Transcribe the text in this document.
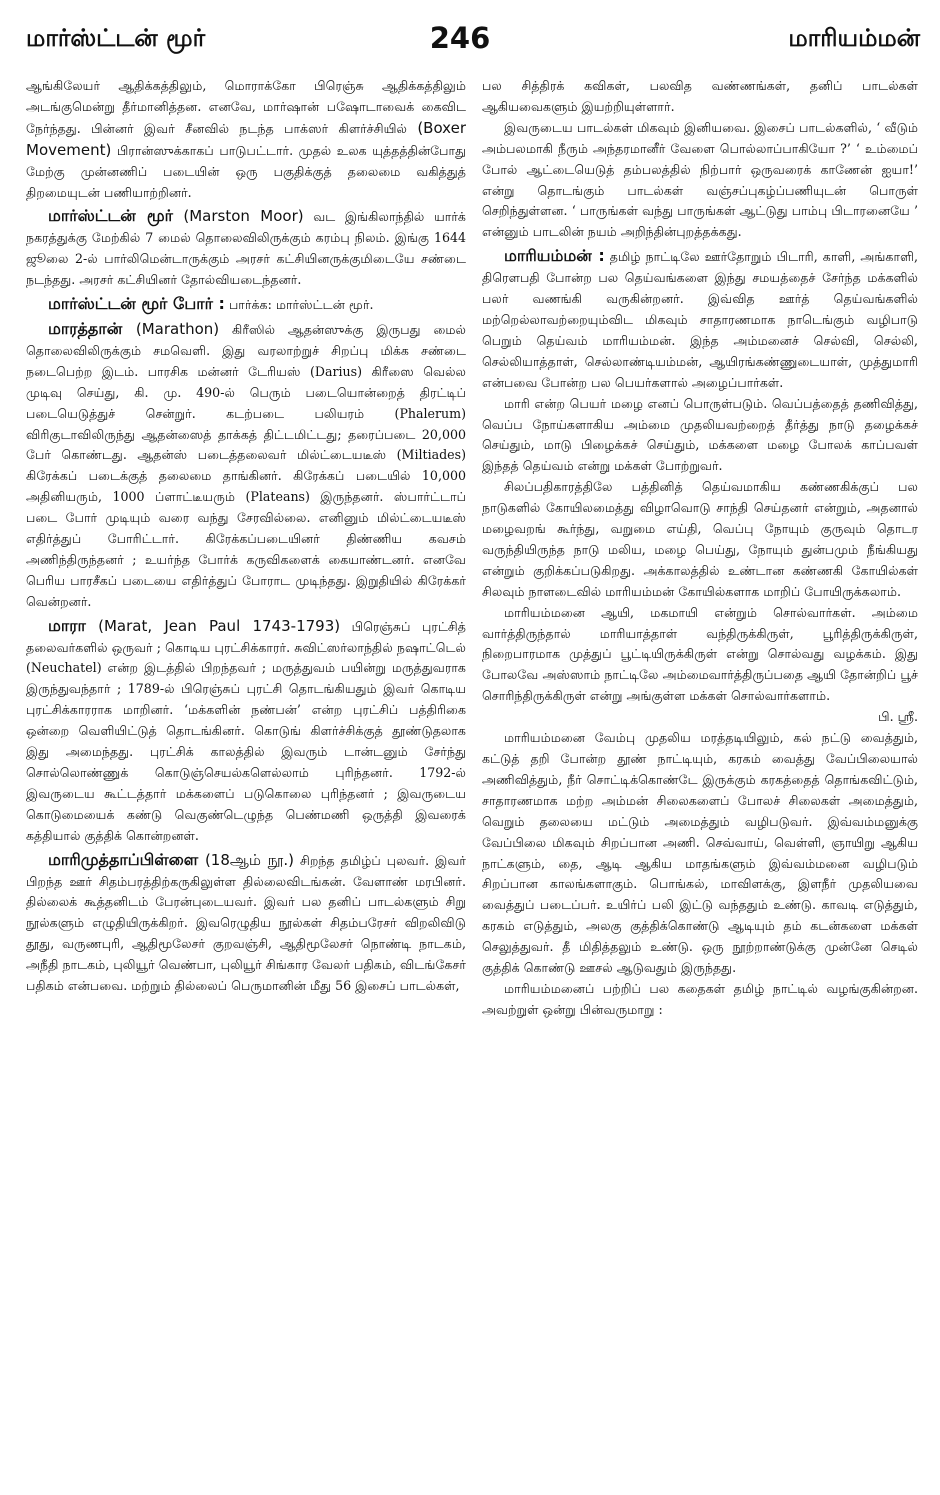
மார்ஸ்ட்டன் மூர்	246	மாரியம்மன்

ஆங்கிலேயர் ஆதிக்கத்திலும், மொராக்கோ பிரெஞ்சு ஆதிக்கத்திலும் அடங்குமென்று தீர்மானித்தன. எனவே, மார்ஷான் பஷோடாவைக் கைவிட நேர்ந்தது. பின்னர் இவர் சீனவில் நடந்த பாக்ஸர் கிளர்ச்சியில் (Boxer Movement) பிரான்ஸுக்காகப் பாடுபட்டார். முதல் உலக யுத்தத்தின்போது மேற்கு முன்னணிப் படையின் ஒரு பகுதிக்குத் தலைமை வகித்துத் திறமையுடன் பணியாற்றினர்.

மார்ஸ்ட்டன் மூர் (Marston Moor) வட இங்கிலாந்தில் யார்க் நகரத்துக்கு மேற்கில் 7 மைல் தொலைவிலிருக்கும் கரம்பு நிலம். இங்கு 1644 ஜூலை 2-ல் பார்லிமென்டாருக்கும் அரசர் கட்சியினருக்குமிடையே சண்டை நடந்தது. அரசர் கட்சியினர் தோல்வியடைந்தனர்.

மார்ஸ்ட்டன் மூர் போர் : பார்க்க: மார்ஸ்ட்டன் மூர்.

மாரத்தான் (Marathon) கிரீஸில் ஆதன்ஸுக்கு இருபது மைல் தொலைவிலிருக்கும் சமவெளி. இது வரலாற்றுச் சிறப்பு மிக்க சண்டை நடைபெற்ற இடம். பாரசிக மன்னர் டேரியஸ் (Darius) கிரீஸை வெல்ல முடிவு செய்து, கி. மு. 490-ல் பெரும் படையொன்றைத் திரட்டிப் படையெடுத்துச் சென்றுர். கடற்படை பலியரம் (Phalerum) விரிகுடாவிலிருந்து ஆதன்ஸைத் தாக்கத் திட்டமிட்டது; தரைப்படை 20,000 பேர் கொண்டது. ஆதன்ஸ் படைத்தலைவர் மில்ட்டையடீஸ் (Miltiades) கிரேக்கப் படைக்குத் தலைமை தாங்கினர். கிரேக்கப் படையில் 10,000 அதினியரும், 1000 ப்ளாட்டீயரும் (Plateans) இருந்தனர். ஸ்பார்ட்டாப் படை போர் முடியும் வரை வந்து சேரவில்லை. எனினும் மில்ட்டையடீஸ் எதிர்த்துப் போரிட்டார். கிரேக்கப்படையினர் திண்ணிய கவசம் அணிந்திருந்தனர் ; உயர்ந்த போர்க் கருவிகளைக் கையாண்டனர். எனவே பெரிய பாரசீகப் படையை எதிர்த்துப் போராட முடிந்தது. இறுதியில் கிரேக்கர் வென்றனர்.

மாரா (Marat, Jean Paul 1743-1793) பிரெஞ்சுப் புரட்சித் தலைவர்களில் ஒருவர் ; கொடிய புரட்சிக்காரர். சுவிட்ஸர்லாந்தில் நஷாட்டெல் (Neuchatel) என்ற இடத்தில் பிறந்தவர் ; மருத்துவம் பயின்று மருத்துவராக இருந்துவந்தார் ; 1789-ல் பிரெஞ்சுப் புரட்சி தொடங்கியதும் இவர் கொடிய புரட்சிக்காரராக மாறினர். ‘மக்களின் நண்பன்’ என்ற புரட்சிப் பத்திரிகை ஒன்றை வெளியிட்டுத் தொடங்கினர். கொடுங் கிளர்ச்சிக்குத் தூண்டுதலாக இது அமைந்தது. புரட்சிக் காலத்தில் இவரும் டான்டனும் சேர்ந்து சொல்லொண்ணுக் கொடுஞ்செயல்களெல்லாம் புரிந்தனர். 1792-ல் இவருடைய கூட்டத்தார் மக்களைப் படுகொலை புரிந்தனர் ; இவருடைய கொடுமையைக் கண்டு வெகுண்டெழுந்த பெண்மணி ஒருத்தி இவரைக் கத்தியால் குத்திக் கொன்றனள்.

மாரிமுத்தாப்பிள்ளை (18ஆம் நூ.) சிறந்த தமிழ்ப் புலவர். இவர் பிறந்த ஊர் சிதம்பரத்திற்கருகிலுள்ள தில்லைவிடங்கன். வேளாண் மரபினர். தில்லைக் கூத்தனிடம் பேரன்புடையவர். இவர் பல தனிப் பாடல்களும் சிறு நூல்களும் எழுதியிருக்கிறர். இவரெழுதிய நூல்கள் சிதம்பரேசர் விறலிவிடு தூது, வருணபுரி, ஆதிமூலேசர் குறவஞ்சி, ஆதிமூலேசர் நொண்டி நாடகம், அநீதி நாடகம், புலியூர் வெண்பா, புலியூர் சிங்கார வேலர் பதிகம், விடங்கேசர் பதிகம் என்பவை. மற்றும் தில்லைப் பெருமானின் மீது 56 இசைப் பாடல்கள்,

பல சித்திரக் கவிகள், பலவித வண்ணங்கள், தனிப் பாடல்கள் ஆகியவைகளும் இயற்றியுள்ளார்.

இவருடைய பாடல்கள் மிகவும் இனியவை. இசைப் பாடல்களில், ‘ வீடும் அம்பலமாகி நீரும் அந்தரமானீர் வேளை பொல்லாப்பாகியோ ?’ ‘ உம்மைப் போல் ஆட்டையெடுத் தம்பலத்தில் நிற்பார் ஒருவரைக் காணேன் ஐயா!’ என்று தொடங்கும் பாடல்கள் வஞ்சப்புகழ்ப்பணியுடன் பொருள் செறிந்துள்ளன. ‘ பாருங்கள் வந்து பாருங்கள் ஆட்டுது பாம்பு பிடாரனையே ’ என்னும் பாடலின் நயம் அறிந்தின்புறத்தக்கது.

மாரியம்மன் : தமிழ் நாட்டிலே ஊர்தோறும் பிடாரி, காளி, அங்காளி, திரௌபதி போன்ற பல தெய்வங்களை இந்து சமயத்தைச் சேர்ந்த மக்களில் பலர் வணங்கி வருகின்றனர். இவ்வித ஊர்த் தெய்வங்களில் மற்றெல்லாவற்றையும்விட மிகவும் சாதாரணமாக நாடெங்கும் வழிபாடு பெறும் தெய்வம் மாரியம்மன். இந்த அம்மனைச் செல்வி, செல்லி, செல்லியாத்தாள், செல்லாண்டியம்மன், ஆயிரங்கண்ணுடையாள், முத்துமாரி என்பவை போன்ற பல பெயர்களால் அழைப்பார்கள்.

மாரி என்ற பெயர் மழை எனப் பொருள்படும். வெப்பத்தைத் தணிவித்து, வெப்ப நோய்களாகிய அம்மை முதலியவற்றைத் தீர்த்து நாடு தழைக்கச் செய்தும், மாடு பிழைக்கச் செய்தும், மக்களை மழை போலக் காப்பவள் இந்தத் தெய்வம் என்று மக்கள் போற்றுவர்.

சிலப்பதிகாரத்திலே பத்தினித் தெய்வமாகிய கண்ணகிக்குப் பல நாடுகளில் கோயிலமைத்து விழாவொடு சாந்தி செய்தனர் என்றும், அதனால் மழைவறங் கூர்ந்து, வறுமை எய்தி, வெப்பு நோயும் குருவும் தொடர வருந்தியிருந்த நாடு மலிய, மழை பெய்து, நோயும் துன்பமும் நீங்கியது என்றும் குறிக்கப்படுகிறது. அக்காலத்தில் உண்டான கண்ணகி கோயில்கள் சிலவும் நாளடைவில் மாரியம்மன் கோயில்களாக மாறிப் போயிருக்கலாம்.

மாரியம்மனை ஆயி, மகமாயி என்றும் சொல்வார்கள். அம்மை வார்த்திருந்தால் மாரியாத்தாள் வந்திருக்கிருள், பூரித்திருக்கிருள், நிறைபாரமாக முத்துப் பூட்டியிருக்கிருள் என்று சொல்வது வழக்கம். இது போலவே அஸ்ஸாம் நாட்டிலே அம்மைவார்த்திருப்பதை ஆயி தோன்றிப் பூச் சொரிந்திருக்கிருள் என்று அங்குள்ள மக்கள் சொல்வார்களாம்.

பி. ஸ்ரீ.

மாரியம்மனை வேம்பு முதலிய மரத்தடியிலும், கல் நட்டு வைத்தும், கட்டுத் தறி போன்ற தூண் நாட்டியும், கரகம் வைத்து வேப்பிலையால் அணிவித்தும், நீர் சொட்டிக்கொண்டே இருக்கும் கரகத்தைத் தொங்கவிட்டும், சாதாரணமாக மற்ற அம்மன் சிலைகளைப் போலச் சிலைகள் அமைத்தும், வெறும் தலையை மட்டும் அமைத்தும் வழிபடுவர். இவ்வம்மனுக்கு வேப்பிலை மிகவும் சிறப்பான அணி. செவ்வாய், வெள்ளி, ஞாயிறு ஆகிய நாட்களும், தை, ஆடி ஆகிய மாதங்களும் இவ்வம்மனை வழிபடும் சிறப்பான காலங்களாகும். பொங்கல், மாவிளக்கு, இளநீர் முதலியவை வைத்துப் படைப்பர். உயிர்ப் பலி இட்டு வந்ததும் உண்டு. காவடி எடுத்தும், கரகம் எடுத்தும், அலகு குத்திக்கொண்டு ஆடியும் தம் கடன்களை மக்கள் செலுத்துவர். தீ மிதித்தலும் உண்டு. ஒரு நூற்றாண்டுக்கு முன்னே செடில் குத்திக் கொண்டு ஊசல் ஆடுவதும் இருந்தது.

மாரியம்மனைப் பற்றிப் பல கதைகள் தமிழ் நாட்டில் வழங்குகின்றன. அவற்றுள் ஒன்று பின்வருமாறு :
